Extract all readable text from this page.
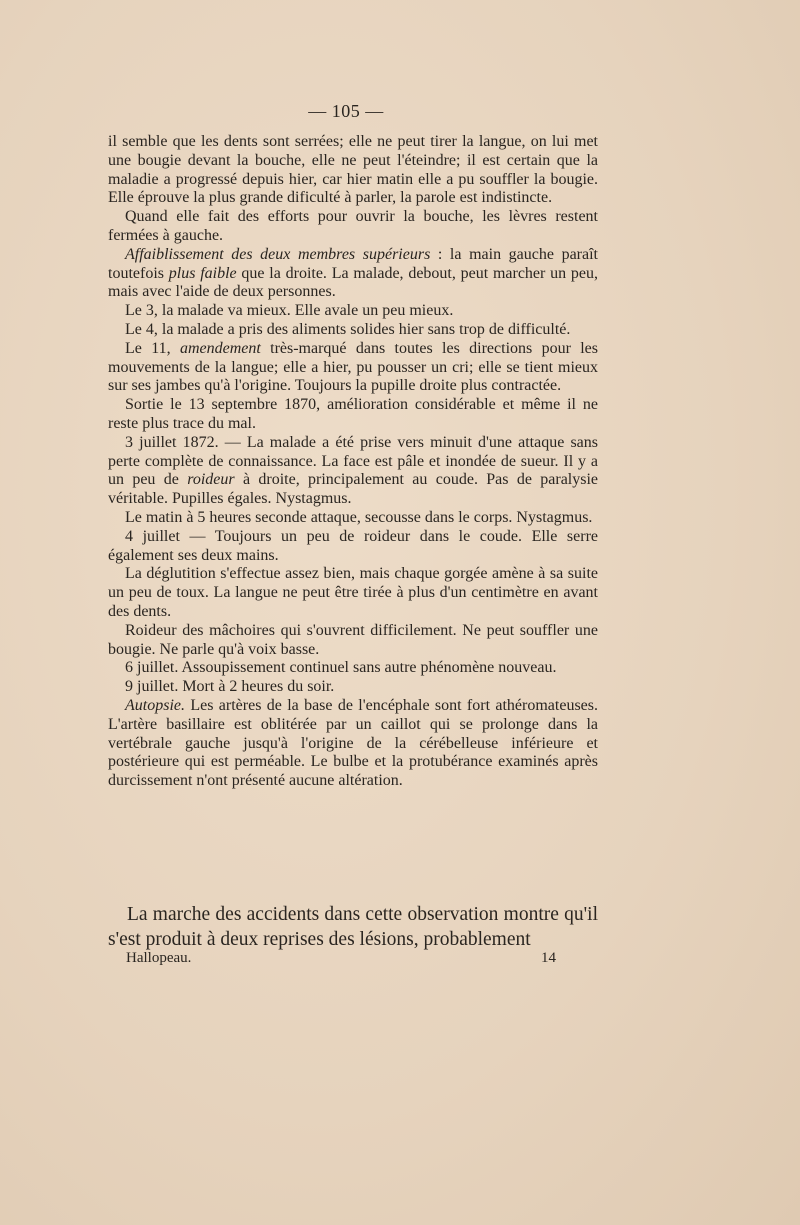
— 105 —

il semble que les dents sont serrées; elle ne peut tirer la langue, on lui met une bougie devant la bouche, elle ne peut l'éteindre; il est certain que la maladie a progressé depuis hier, car hier matin elle a pu souffler la bougie. Elle éprouve la plus grande dificulté à parler, la parole est indistincte.

Quand elle fait des efforts pour ouvrir la bouche, les lèvres restent fermées à gauche.

Affaiblissement des deux membres supérieurs : la main gauche paraît toutefois plus faible que la droite. La malade, debout, peut marcher un peu, mais avec l'aide de deux personnes.

Le 3, la malade va mieux. Elle avale un peu mieux.

Le 4, la malade a pris des aliments solides hier sans trop de difficulté.

Le 11, amendement très-marqué dans toutes les directions pour les mouvements de la langue; elle a hier, pu pousser un cri; elle se tient mieux sur ses jambes qu'à l'origine. Toujours la pupille droite plus contractée.

Sortie le 13 septembre 1870, amélioration considérable et même il ne reste plus trace du mal.

3 juillet 1872. — La malade a été prise vers minuit d'une attaque sans perte complète de connaissance. La face est pâle et inondée de sueur. Il y a un peu de roideur à droite, principalement au coude. Pas de paralysie véritable. Pupilles égales. Nystagmus.

Le matin à 5 heures seconde attaque, secousse dans le corps. Nystagmus.

4 juillet — Toujours un peu de roideur dans le coude. Elle serre également ses deux mains.

La déglutition s'effectue assez bien, mais chaque gorgée amène à sa suite un peu de toux. La langue ne peut être tirée à plus d'un centimètre en avant des dents.

Roideur des mâchoires qui s'ouvrent difficilement. Ne peut souffler une bougie. Ne parle qu'à voix basse.

6 juillet. Assoupissement continuel sans autre phénomène nouveau.

9 juillet. Mort à 2 heures du soir.

Autopsie. Les artères de la base de l'encéphale sont fort athéromateuses. L'artère basillaire est oblitérée par un caillot qui se prolonge dans la vertébrale gauche jusqu'à l'origine de la cérébelleuse inférieure et postérieure qui est perméable. Le bulbe et la protubérance examinés après durcissement n'ont présenté aucune altération.

La marche des accidents dans cette observation montre qu'il s'est produit à deux reprises des lésions, probablement

Hallopeau.	14
